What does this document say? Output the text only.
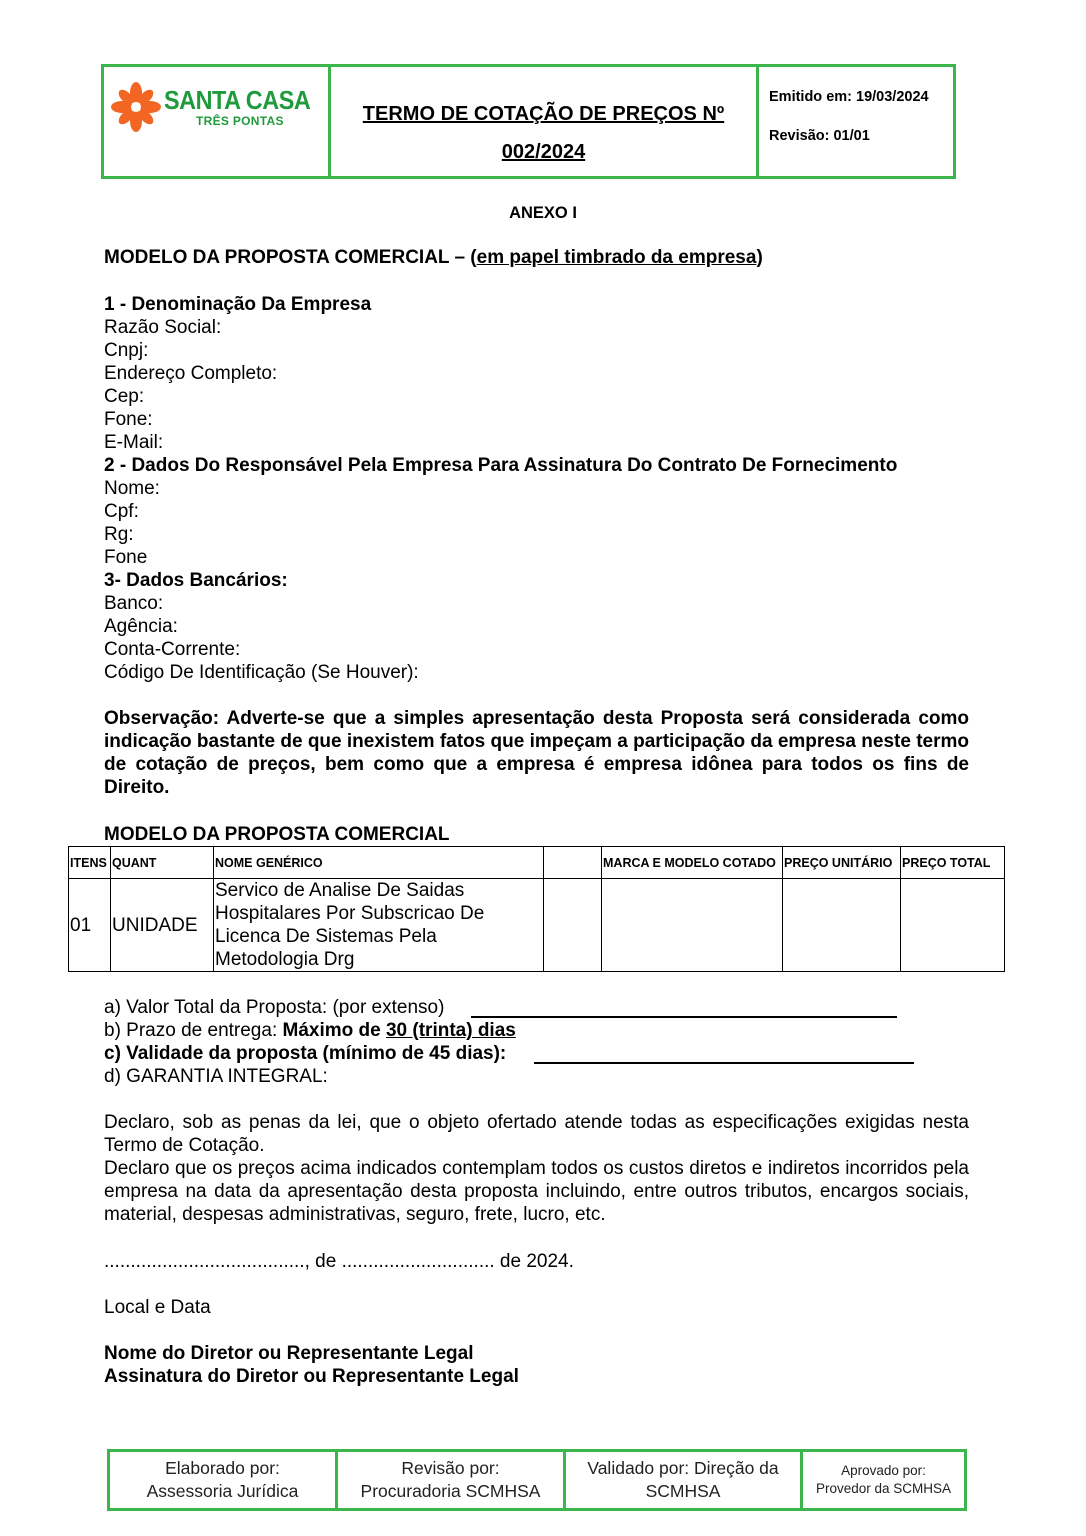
SANTA CASA
TRÊS PONTAS	TERMO DE COTAÇÃO DE PREÇOS Nº
002/2024
Emitido em: 19/03/2024
Revisão: 01/01
ANEXO I
MODELO DA PROPOSTA COMERCIAL – (em papel timbrado da empresa)
1 - Denominação Da Empresa
Razão Social:
Cnpj:
Endereço Completo:
Cep:
Fone:
E-Mail:
2 - Dados Do Responsável Pela Empresa Para Assinatura Do Contrato De Fornecimento
Nome:
Cpf:
Rg:
Fone
3- Dados Bancários:
Banco:
Agência:
Conta-Corrente:
Código De Identificação (Se Houver):
Observação: Adverte-se que a simples apresentação desta Proposta será considerada como indicação bastante de que inexistem fatos que impeçam a participação da empresa neste termo de cotação de preços, bem como que a empresa é empresa idônea para todos os fins de Direito.
MODELO DA PROPOSTA COMERCIAL
ITENS	QUANT	NOME GENÉRICO		MARCA E MODELO COTADO	PREÇO UNITÁRIO	PREÇO TOTAL
01	UNIDADE	Servico de Analise De Saidas Hospitalares Por Subscricao De Licenca De Sistemas Pela Metodologia Drg				
a) Valor Total da Proposta: (por extenso)
b) Prazo de entrega: Máximo de 30 (trinta) dias
c) Validade da proposta (mínimo de 45 dias):
d) GARANTIA INTEGRAL:
Declaro, sob as penas da lei, que o objeto ofertado atende todas as especificações exigidas nesta Termo de Cotação.
Declaro que os preços acima indicados contemplam todos os custos diretos e indiretos incorridos pela empresa na data da apresentação desta proposta incluindo, entre outros tributos, encargos sociais, material, despesas administrativas, seguro, frete, lucro, etc.
......................................, de ............................. de 2024.
Local e Data
Nome do Diretor ou Representante Legal
Assinatura do Diretor ou Representante Legal
Elaborado por:
Assessoria Jurídica
Revisão por:
Procuradoria SCMHSA
Validado por: Direção da
SCMHSA
Aprovado por:
Provedor da SCMHSA
